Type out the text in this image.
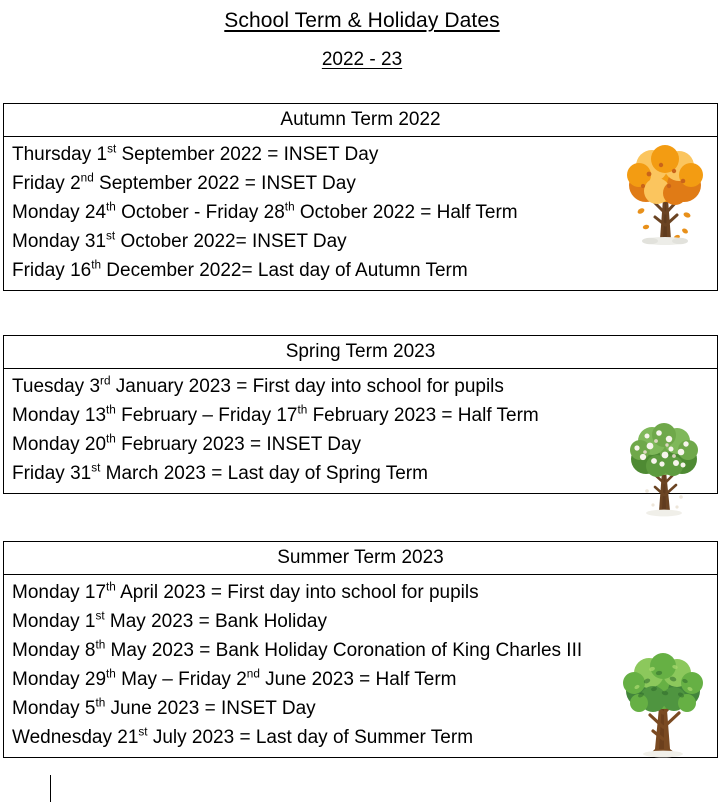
School Term & Holiday Dates
2022 - 23
Autumn Term 2022
Thursday 1st September 2022 = INSET Day
Friday 2nd September 2022 = INSET Day
Monday 24th October - Friday 28th October 2022 = Half Term
Monday 31st October 2022= INSET Day
Friday 16th December 2022= Last day of Autumn Term
Spring Term 2023
Tuesday 3rd January 2023 = First day into school for pupils
Monday 13th February – Friday 17th February 2023 = Half Term
Monday 20th February 2023 = INSET Day
Friday 31st March 2023 = Last day of Spring Term
Summer Term 2023
Monday 17th April 2023 = First day into school for pupils
Monday 1st May 2023 = Bank Holiday
Monday 8th May 2023 = Bank Holiday Coronation of King Charles III
Monday 29th May – Friday 2nd June 2023 = Half Term
Monday 5th June 2023 = INSET Day
Wednesday 21st July 2023 = Last day of Summer Term
